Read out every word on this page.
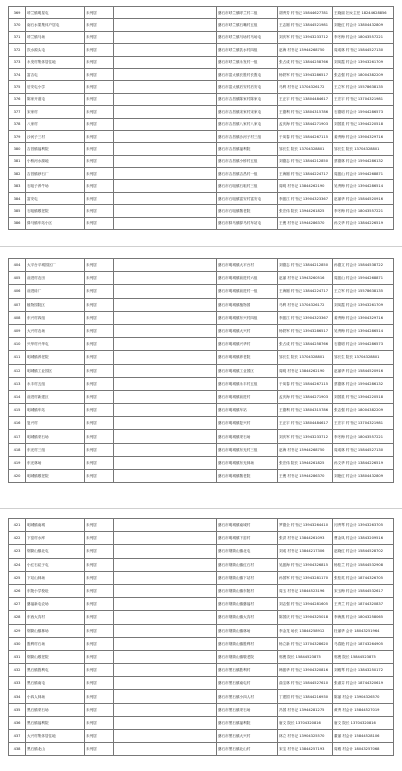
369	呼兰镇明星屯	未列居		磐石市呼兰镇呼兰村二组	胡秀芳 村书记 15844627781	王晓丽 妇女主任 18244628856
370	南石水果集体户居屯	未列居		磐石市呼兰镇石嘴村五组	王志刚 村书记 13844521981	刘艳红 村会计 13804432809
371	呼兰镇马场	未列居		磐石市呼兰镇马场村马场屯	刘庆军 村书记 13943233712	李冬梅 村会计 18043557221
372	饮水源头屯	未列居		磐石市呼兰镇饮水村四组	赵海 村书记 15944268750	周成林 村书记 15844527130
373	永发村集体居住地	未列居		磐石市呼兰镇永发村一组	张占成 村书记 13844258766	刘凤霞 村会计 13943261709
374	富吉屯	未列居		磐石市富太镇长胜村长胜屯	杨铁军 村书记 13943286517	张志强 村会计 18004382209
375	后安屯小学	未列居		磐石市富太镇后安村后安屯	马利 村书记 13704326172	王立军 村会计 15578638135
376	陈家开道屯	未列居		磐石市吉昌镇陈家村陈家屯	王正宇 村书记 13804484617	王宏宇 村书记 13704321981
377	宋家村	未列居		磐石市吉昌镇宋家村宋家屯	王德利 村书记 13804315786	石德明 村会计 15944286573
378	八家村	未列居		磐石市吉昌镇八家村八家屯	孟庆海 村书记 13844271903	刘国星 村书记 13944220518
379	沙河子三村	未列居		磐石市吉昌镇沙河子村三组	于凤春 村书记 15844267115	姜秀梅 村会计 13904329716
380	吉昌镇福利院	未列居		磐石市吉昌镇福利院	邹长生 院长 13704328801	邹长生 院长 13704328801
381	小桥河水源地	未列居		磐石市吉昌镇小桥村五组	刘德志 村书记 13844212850	蔡德林 村会计 15944286132
382	吉昌镇砂石厂	未列居		磐石市吉昌镇吉昌村一组	王海刚 村书记 13844224717	周振山 村会计 15944268871
383	石咀子养牛场	未列居		磐石市石咀镇石咀村三组	周明 村书记 13844262190	吴秀梅 村会计 13944286514
384	富安屯	未列居		磐石市石咀镇富安村富安屯	李振江 村书记 13904323367	赵丽华 村会计 15844520916
385	石咀镇敬老院	未列居		磐石市石咀镇敬老院	张宏伟 院长 13944261825	李冬梅 村会计 18043557221
386	驿马镇车站小区	未列居		磐石市驿马镇驿马村车站屯	王俊 村书记 15944286370	孙文华 村会计 13844226519
404	大平台平城园区厂	未列居		磐石市明城镇大平台村	刘德志 村书记 13844212850	孙德文 村会计 15844538722
405	前进村农田	未列居		磐石市明城镇前进村六组	赵丽 村书记 13943260516	周振山 村会计 15944268871
406	前进砖厂	未列居		磐石市明城镇前进村一组	王海刚 村书记 13844224717	王立军 村会计 15578638135
407	植物园院区	未列居		磐石市明城镇植物园	马利 村书记 13704326172	刘凤霞 村会计 13943261709
408	东兴村四组	未列居		磐石市明城镇东兴村四组	李振江 村书记 13904323367	姜秀梅 村会计 13904329716
409	大兴村农场	未列居		磐石市明城镇大兴村	杨铁军 村书记 13943286517	吴秀梅 村会计 13944286514
410	兴华村兴华屯	未列居		磐石市明城镇兴华村	张占成 村书记 13844258766	石德明 村会计 15944286573
411	明城镇养老院	未列居		磐石市明城镇养老院	邹长生 院长 13704328801	邹长生 院长 13704328801
412	明城镇工业园区	未列居		磐石市明城镇工业园区	周明 村书记 13844262190	赵丽华 村会计 15844520916
413	永丰村五组	未列居		磐石市明城镇永丰村五组	于凤春 村书记 15844267115	蔡德林 村会计 15944286132
414	前进村新建区	未列居		磐石市明城镇前进村	孟庆海 村书记 13844271903	刘国星 村书记 13944220518
415	明城镇车站	未列居		磐石市明城镇车站	王德利 村书记 13804315786	张志强 村会计 18004382209
416	复兴村	未列居		磐石市明城镇复兴村	王正宇 村书记 13804484617	王宏宇 村书记 13704321981
417	明城镇采石场	未列居		磐石市明城镇采石场	刘庆军 村书记 13943233712	李冬梅 村会计 18043557221
418	东光村三组	未列居		磐石市明城镇东光村三组	赵海 村书记 15944268750	周成林 村书记 15844527130
419	东光林场	未列居		磐石市明城镇东光林场	张宏伟 院长 13944261825	孙文华 村会计 13844226519
420	明城镇敬老院	未列居		磐石市明城镇敬老院	王俊 村书记 15944286370	刘艳红 村会计 13804432809
421	明城镇南城	未列居		磐石市明城镇南城村	罗德全 村书记 13943264410	闫秀琴 村会计 13943263705
422	下窑村水库	未列居		磐石市明城镇下窑村	张洪 村书记 13844261093	曹金凤 村会计 13843209516
423	烟筒山镇北屯	未列居		磐石市烟筒山镇北屯	刘成 村书记 13844217306	赵晓红 村会计 15844528702
424	小红石砬子屯	未列居		磐石市烟筒山镇红石村	吴振海 村书记 13904326815	杨桂兰 村会计 15844532908
425	下站山林场	未列居		磐石市烟筒山镇下站村	孙国军 村书记 13943281170	张桂英 村会计 18744326705
426	东陵小学校址	未列居		磐石市烟筒山镇东陵村	周玉 村书记 15844523196	宋玉梅 村会计 15844532617
427	磐福新屯农场	未列居		磐石市烟筒山镇磐福村	刘志强 村书记 13944281605	王秀兰 村会计 18744320837
428	东西大沟村	未列居		磐石市烟筒山镇大沟村	陈国庆 村书记 13904325018	李海燕 村会计 18043258065
429	烟筒山镇林场	未列居		磐石市烟筒山镇林场	李金龙 场长 13844258912	杜丽华 会计 18043251964
430	胜利村石场	未列居		磐石市烟筒山镇胜利村	杨立新 村书记 13704328620	马春艳 村会计 18743264905
431	烟筒山敬老院	未列居		磐石市烟筒山镇敬老院	郭俊 院长 15844523875	郭俊 院长 15844523875
432	黑石镇胜利屯	未列居		磐石市黑石镇胜利村	韩振华 村书记 13904320816	刘雅琴 村会计 13843250172
433	黑石镇南屯	未列居		磐石市黑石镇南屯村	曲宝林 村书记 15844527610	张淑芬 村会计 18744320619
434	小四人林场	未列居		磐石市黑石镇小四人村	丁建国 村书记 13844216930	陈丽 村会计 13904326570
435	黑石镇采石场	未列居		磐石市黑石镇采石场	冯国 村书记 13944281275	黄秀 村会计 15844527019
436	黑石镇福利院	未列居		磐石市黑石镇福利院	唐文 院长 13704320816	唐文 院长 13704320816
437	大兴村集体居住地	未列居		磐石市黑石镇大兴村	林立 村书记 13904325570	董丽 村会计 15844528106
438	黑石镇北山	未列居		磐石市黑石镇北山村	宋宝 村书记 13844257193	周雅 村会计 18043257068
